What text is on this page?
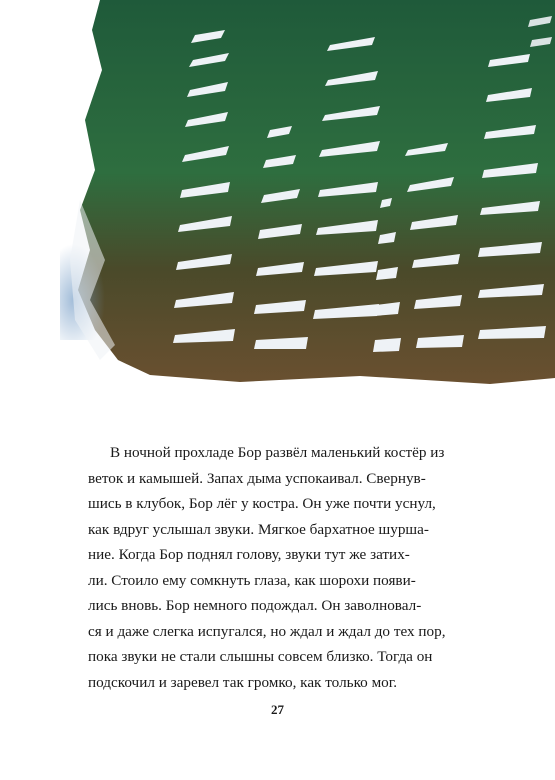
В ночной прохладе Бор развёл маленький костёр из
веток и камышей. Запах дыма успокаивал. Свернув-
шись в клубок, Бор лёг у костра. Он уже почти уснул,
как вдруг услышал звуки. Мягкое бархатное шурша-
ние. Когда Бор поднял голову, звуки тут же затих-
ли. Стоило ему сомкнуть глаза, как шорохи появи-
лись вновь. Бор немного подождал. Он заволновал-
ся и даже слегка испугался, но ждал и ждал до тех пор,
пока звуки не стали слышны совсем близко. Тогда он
подскочил и заревел так громко, как только мог.
27
